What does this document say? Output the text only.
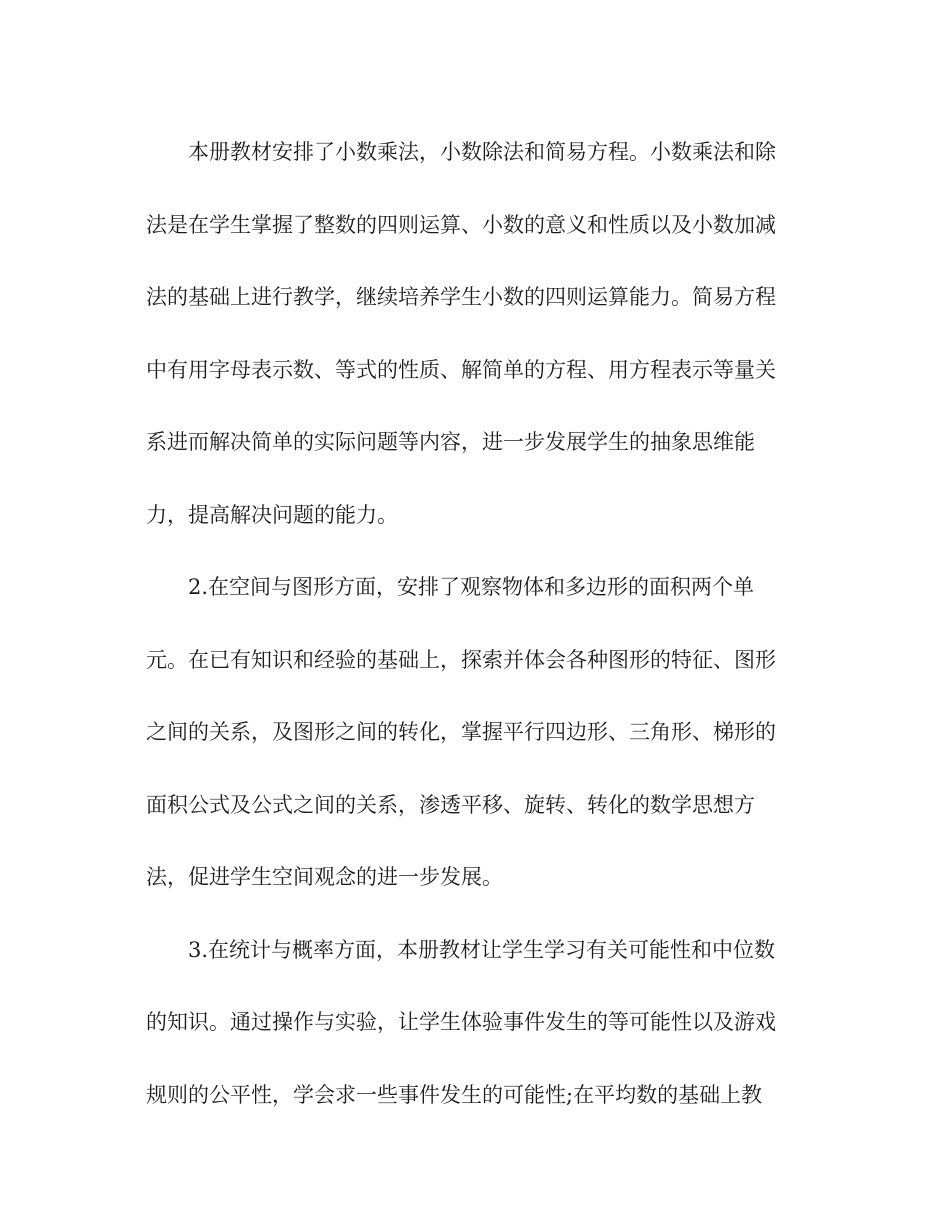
本册教材安排了小数乘法，小数除法和简易方程。小数乘法和除
法是在学生掌握了整数的四则运算、小数的意义和性质以及小数加减
法的基础上进行教学，继续培养学生小数的四则运算能力。简易方程
中有用字母表示数、等式的性质、解简单的方程、用方程表示等量关
系进而解决简单的实际问题等内容，进一步发展学生的抽象思维能
力，提高解决问题的能力。
2.在空间与图形方面，安排了观察物体和多边形的面积两个单
元。在已有知识和经验的基础上，探索并体会各种图形的特征、图形
之间的关系，及图形之间的转化，掌握平行四边形、三角形、梯形的
面积公式及公式之间的关系，渗透平移、旋转、转化的数学思想方
法，促进学生空间观念的进一步发展。
3.在统计与概率方面，本册教材让学生学习有关可能性和中位数
的知识。通过操作与实验，让学生体验事件发生的等可能性以及游戏
规则的公平性，学会求一些事件发生的可能性;在平均数的基础上教
